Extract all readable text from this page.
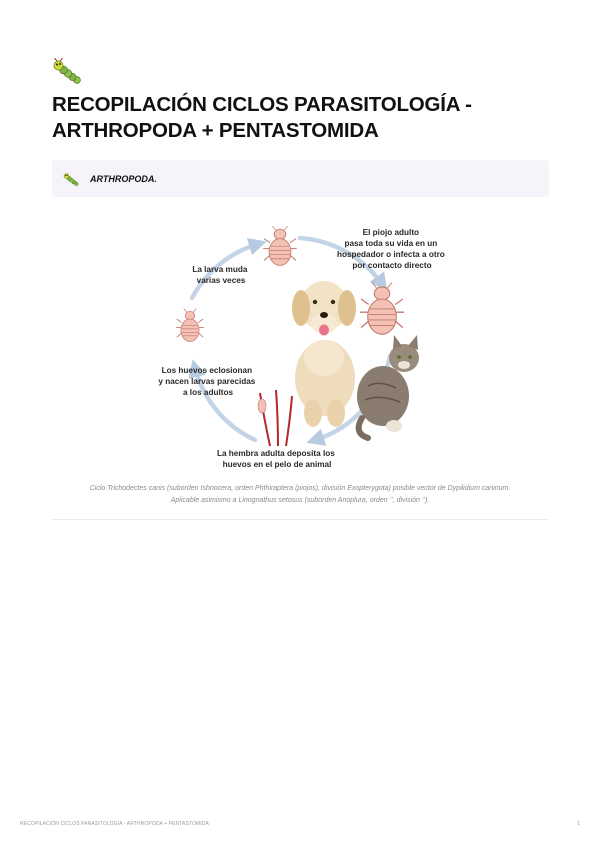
RECOPILACIÓN CICLOS PARASITOLOGÍA -
ARTHROPODA + PENTASTOMIDA
ARTHROPODA.
El piojo adulto pasa toda su vida en un hospedador o infecta a otro por contacto directo
La larva muda varias veces
Los huevos eclosionan y nacen larvas parecidas a los adultos
La hembra adulta deposita los huevos en el pelo de animal

Ciclo Trichodectes canis (suborden Ishnocera, orden Phthiraptera (piojos), división Exopterygota) posible vector de Dypilidium caninum.
Aplicable asimismo a Linognathus setosus (suborden Anoplura, orden ‘’, división ‘’).

RECOPILACIÓN CICLOS PARASITOLOGÍA - ARTHROPODA + PENTASTOMIDA	1
